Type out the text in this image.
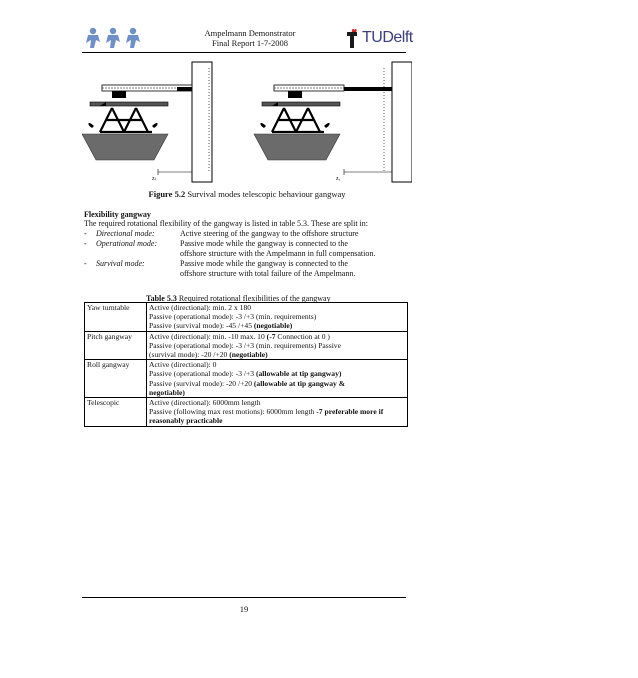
Ampelmann Demonstrator
Final Report 1-7-2008	TUDelft
zₗ	zᵣ
Figure 5.2 Survival modes telescopic behaviour gangway
Flexibility gangway
The required rotational flexibility of the gangway is listed in table 5.3. These are split in:
- Directional mode:	Active steering of the gangway to the offshore structure
- Operational mode:	Passive mode while the gangway is connected to the
offshore structure with the Ampelmann in full compensation.
- Survival mode:	Passive mode while the gangway is connected to the
offshore structure with total failure of the Ampelmann.
Table 5.3 Required rotational flexibilities of the gangway
Yaw turntable	Active (directional): min. 2 x 180
Passive (operational mode): -3 /+3 (min. requirements)
Passive (survival mode): -45 /+45 (negotiable)

Pitch gangway	Active (directional): min. -10 max. 10 (-7 Connection at 0 )
Passive (operational mode): -3 /+3 (min. requirements) Passive
(survival mode): -20 /+20 (negotiable)

Roll gangway	Active (directional): 0
Passive (operational mode): -3 /+3 (allowable at tip gangway)
Passive (survival mode): -20 /+20 (allowable at tip gangway &
negotiable)

Telescopic	Active (directional): 6000mm length
Passive (following max rest motions): 6000mm length -7 preferable more if
reasonably practicable
19
